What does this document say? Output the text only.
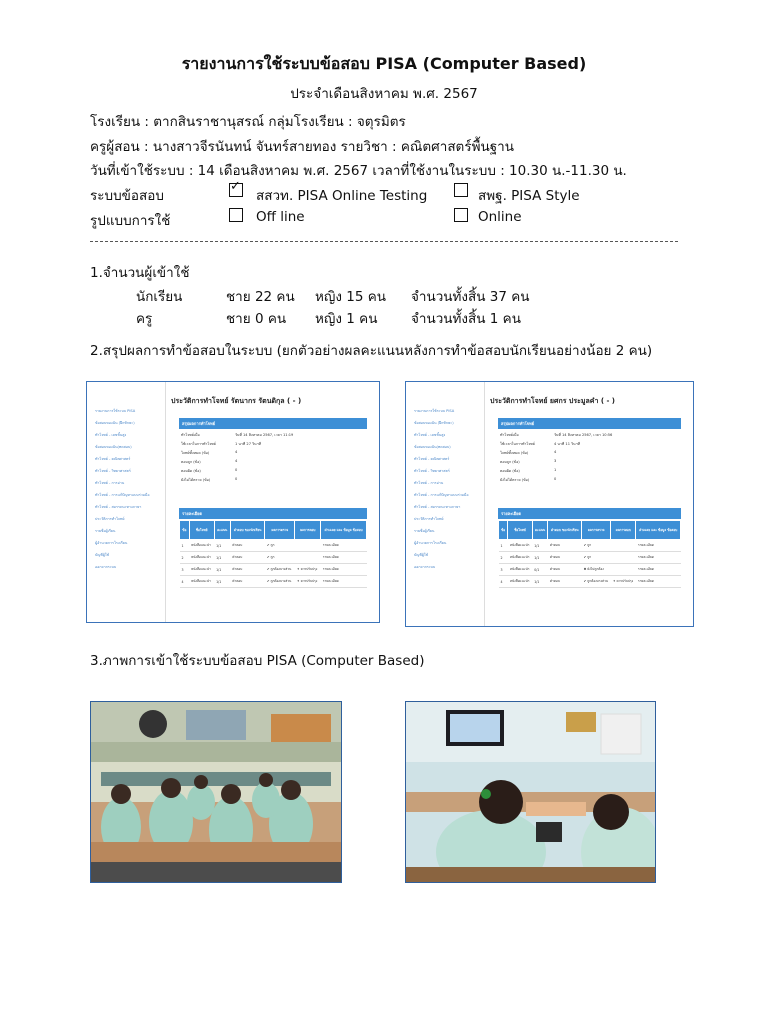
รายงานการใช้ระบบข้อสอบ PISA (Computer Based)
ประจำเดือนสิงหาคม พ.ศ. 2567
โรงเรียน : ตากสินราชานุสรณ์ กลุ่มโรงเรียน : จตุรมิตร
ครูผู้สอน : นางสาวจีรนันทน์ จันทร์สายทอง รายวิชา : คณิตศาสตร์พื้นฐาน
วันที่เข้าใช้ระบบ : 14 เดือนสิงหาคม พ.ศ. 2567 เวลาที่ใช้งานในระบบ : 10.30 น.-11.30 น.
ระบบข้อสอบ ✓	สสวท. PISA Online Testing	สพฐ. PISA Style
รูปแบบการใช้	Off line	Online
1.จำนวนผู้เข้าใช้
นักเรียน	ชาย 22 คน หญิง 15 คน จำนวนทั้งสิ้น 37 คน
ครู	ชาย 0 คน หญิง 1 คน จำนวนทั้งสิ้น 1 คน
2.สรุปผลการทำข้อสอบในระบบ (ยกตัวอย่างผลคะแนนหลังการทำข้อสอบนักเรียนอย่างน้อย 2 คน)
รายงานการใช้ระบบ PISA
ข้อสอบของฉัน (ฝึกทักษะ)
ทำโจทย์ - เลขชั้นสูง
ข้อสอบของฉัน(ทดสอบ)
ทำโจทย์ - คณิตศาสตร์
ทำโจทย์ - วิทยาศาสตร์
ทำโจทย์ - การอ่าน
ทำโจทย์ - การแก้ปัญหาแบบร่วมมือ
ทำโจทย์ - สมรรถนะทางภาษา
ประวัติการทำโจทย์
รายชื่อผู้เรียน
ผู้อำนวยการโรงเรียน
บัญชีผู้ใช้
ออกจากระบบ
ประวัติการทำโจทย์ รัตนากร รัตนดิกุล ( - )
สรุปผลการทำโจทย์
ทำโจทย์เมื่อ	วันที่ 14 สิงหาคม 2567, เวลา 11:19
ใช้เวลาในการทำโจทย์	1 นาที 27 วินาที
โจทย์ทั้งหมด (ข้อ)	4
ตอบถูก (ข้อ)	4
ตอบผิด (ข้อ)	0
ยังไม่ได้ตรวจ (ข้อ)	0
รายละเอียด
ข้อ	ชื่อโจทย์	คะแนน	คำตอบ ของนักเรียน	ผลการตรวจ	ผลการตอบ	คำเฉลย และ ข้อมูล ข้อสอบ
1	หนังสือแนะนำ	1/1	คำตอบ	✔ ถูก		รายละเอียด
2	หนังสือแนะนำ	1/1	คำตอบ	✔ ถูก		รายละเอียด
3	หนังสือแนะนำ	1/1	คำตอบ	✔ ถูกต้องบางส่วน	✦ ควรปรับปรุง	รายละเอียด
4	หนังสือแนะนำ	1/1	คำตอบ	✔ ถูกต้องบางส่วน	✦ ควรปรับปรุง	รายละเอียด
รายงานการใช้ระบบ PISA
ข้อสอบของฉัน (ฝึกทักษะ)
ทำโจทย์ - เลขชั้นสูง
ข้อสอบของฉัน(ทดสอบ)
ทำโจทย์ - คณิตศาสตร์
ทำโจทย์ - วิทยาศาสตร์
ทำโจทย์ - การอ่าน
ทำโจทย์ - การแก้ปัญหาแบบร่วมมือ
ทำโจทย์ - สมรรถนะทางภาษา
ประวัติการทำโจทย์
รายชื่อผู้เรียน
ผู้อำนวยการโรงเรียน
บัญชีผู้ใช้
ออกจากระบบ
ประวัติการทำโจทย์ ยศกร ประมูลคำ ( - )
สรุปผลการทำโจทย์
ทำโจทย์เมื่อ	วันที่ 14 สิงหาคม 2567, เวลา 10:56
ใช้เวลาในการทำโจทย์	4 นาที 11 วินาที
โจทย์ทั้งหมด (ข้อ)	4
ตอบถูก (ข้อ)	3
ตอบผิด (ข้อ)	1
ยังไม่ได้ตรวจ (ข้อ)	0
รายละเอียด
ข้อ	ชื่อโจทย์	คะแนน	คำตอบ ของนักเรียน	ผลการตรวจ	ผลการตอบ	คำเฉลย และ ข้อมูล ข้อสอบ
1	หนังสือแนะนำ	1/1	คำตอบ	✔ ถูก		รายละเอียด
2	หนังสือแนะนำ	1/1	คำตอบ	✔ ถูก		รายละเอียด
3	หนังสือแนะนำ	0/1	คำตอบ	✖ ยังไม่ถูกต้อง		รายละเอียด
4	หนังสือแนะนำ	1/1	คำตอบ	✔ ถูกต้องบางส่วน	✦ ควรปรับปรุง	รายละเอียด
3.ภาพการเข้าใช้ระบบข้อสอบ PISA (Computer Based)
